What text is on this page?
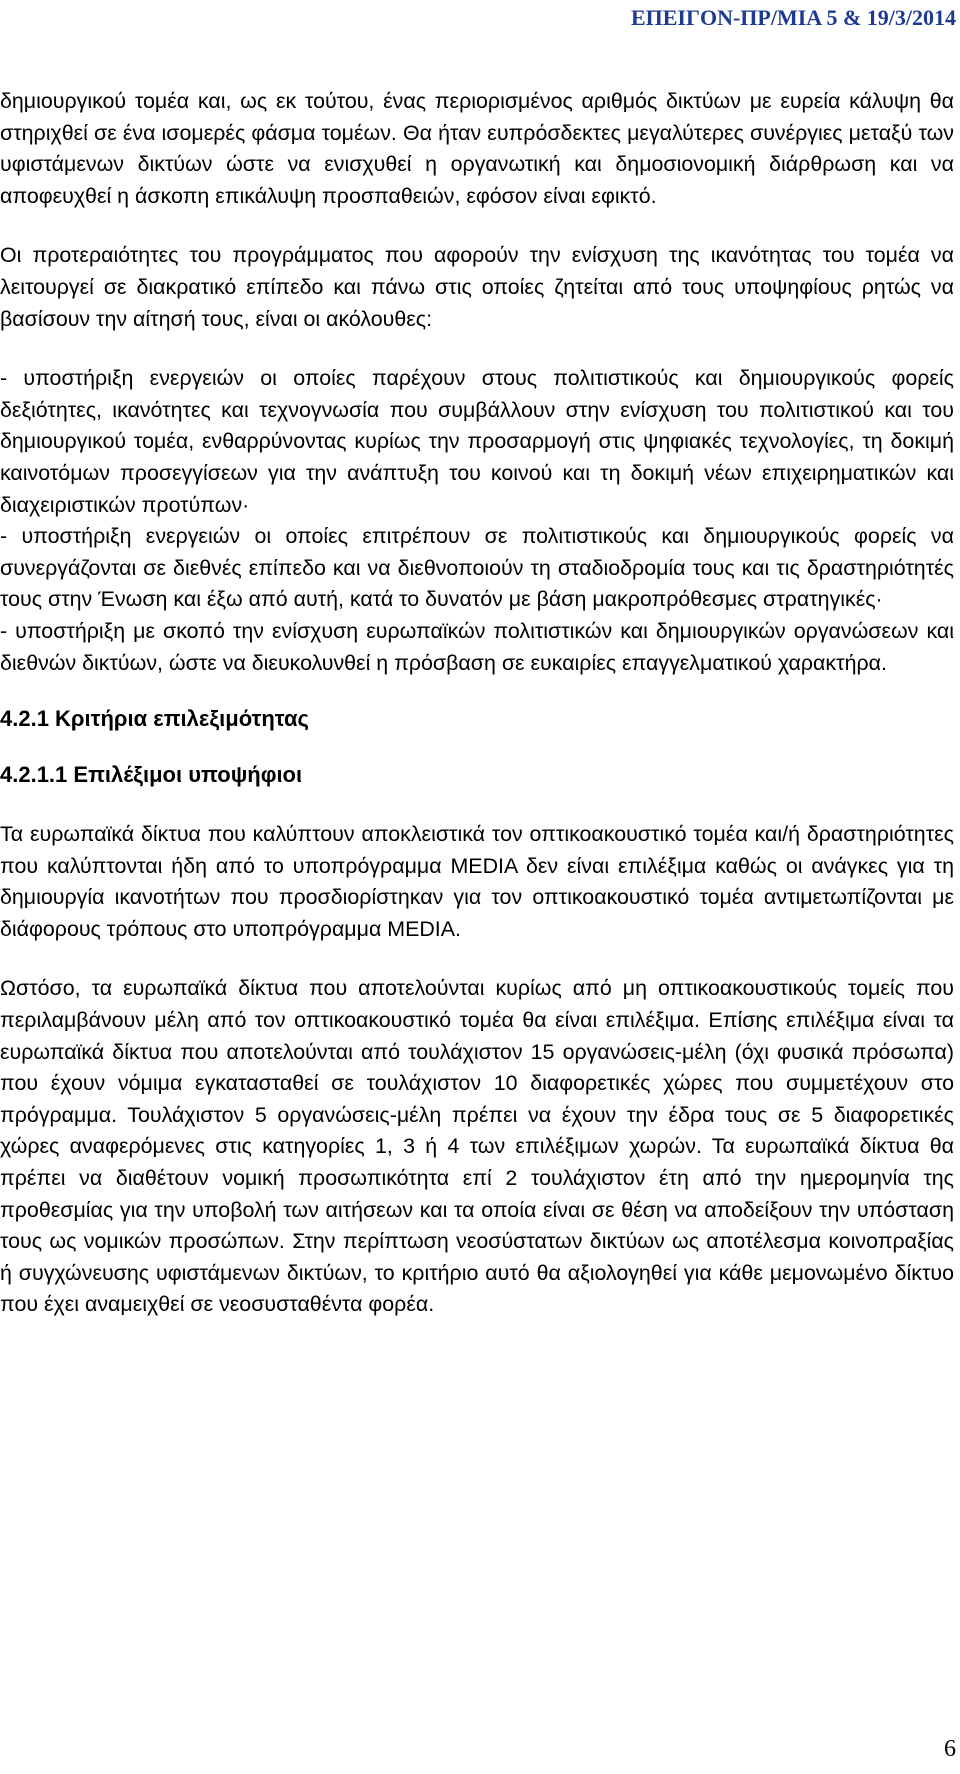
ΕΠΕΙΓΟΝ-ΠΡ/ΜΙΑ 5 & 19/3/2014

δημιουργικού τομέα και, ως εκ τούτου, ένας περιορισμένος αριθμός δικτύων με ευρεία κάλυψη θα στηριχθεί σε ένα ισομερές φάσμα τομέων. Θα ήταν ευπρόσδεκτες μεγαλύτερες συνέργιες μεταξύ των υφιστάμενων δικτύων ώστε να ενισχυθεί η οργανωτική και δημοσιονομική διάρθρωση και να αποφευχθεί η άσκοπη επικάλυψη προσπαθειών, εφόσον είναι εφικτό.

Οι προτεραιότητες του προγράμματος που αφορούν την ενίσχυση της ικανότητας του τομέα να λειτουργεί σε διακρατικό επίπεδο και πάνω στις οποίες ζητείται από τους υποψηφίους ρητώς να βασίσουν την αίτησή τους, είναι οι ακόλουθες:

- υποστήριξη ενεργειών οι οποίες παρέχουν στους πολιτιστικούς και δημιουργικούς φορείς δεξιότητες, ικανότητες και τεχνογνωσία που συμβάλλουν στην ενίσχυση του πολιτιστικού και του δημιουργικού τομέα, ενθαρρύνοντας κυρίως την προσαρμογή στις ψηφιακές τεχνολογίες, τη δοκιμή καινοτόμων προσεγγίσεων για την ανάπτυξη του κοινού και τη δοκιμή νέων επιχειρηματικών και διαχειριστικών προτύπων·

- υποστήριξη ενεργειών οι οποίες επιτρέπουν σε πολιτιστικούς και δημιουργικούς φορείς να συνεργάζονται σε διεθνές επίπεδο και να διεθνοποιούν τη σταδιοδρομία τους και τις δραστηριότητές τους στην Ένωση και έξω από αυτή, κατά το δυνατόν με βάση μακροπρόθεσμες στρατηγικές·

- υποστήριξη με σκοπό την ενίσχυση ευρωπαϊκών πολιτιστικών και δημιουργικών οργανώσεων και διεθνών δικτύων, ώστε να διευκολυνθεί η πρόσβαση σε ευκαιρίες επαγγελματικού χαρακτήρα.

4.2.1 Κριτήρια επιλεξιμότητας

4.2.1.1 Επιλέξιμοι υποψήφιοι

Τα ευρωπαϊκά δίκτυα που καλύπτουν αποκλειστικά τον οπτικοακουστικό τομέα και/ή δραστηριότητες που καλύπτονται ήδη από το υποπρόγραμμα MEDIA δεν είναι επιλέξιμα καθώς οι ανάγκες για τη δημιουργία ικανοτήτων που προσδιορίστηκαν για τον οπτικοακουστικό τομέα αντιμετωπίζονται με διάφορους τρόπους στο υποπρόγραμμα MEDIA.

Ωστόσο, τα ευρωπαϊκά δίκτυα που αποτελούνται κυρίως από μη οπτικοακουστικούς τομείς που περιλαμβάνουν μέλη από τον οπτικοακουστικό τομέα θα είναι επιλέξιμα. Επίσης επιλέξιμα είναι τα ευρωπαϊκά δίκτυα που αποτελούνται από τουλάχιστον 15 οργανώσεις-μέλη (όχι φυσικά πρόσωπα) που έχουν νόμιμα εγκατασταθεί σε τουλάχιστον 10 διαφορετικές χώρες που συμμετέχουν στο πρόγραμμα. Τουλάχιστον 5 οργανώσεις-μέλη πρέπει να έχουν την έδρα τους σε 5 διαφορετικές χώρες αναφερόμενες στις κατηγορίες 1, 3 ή 4 των επιλέξιμων χωρών. Τα ευρωπαϊκά δίκτυα θα πρέπει να διαθέτουν νομική προσωπικότητα επί 2 τουλάχιστον έτη από την ημερομηνία της προθεσμίας για την υποβολή των αιτήσεων και τα οποία είναι σε θέση να αποδείξουν την υπόσταση τους ως νομικών προσώπων. Στην περίπτωση νεοσύστατων δικτύων ως αποτέλεσμα κοινοπραξίας ή συγχώνευσης υφιστάμενων δικτύων, το κριτήριο αυτό θα αξιολογηθεί για κάθε μεμονωμένο δίκτυο που έχει αναμειχθεί σε νεοσυσταθέντα φορέα.

6
